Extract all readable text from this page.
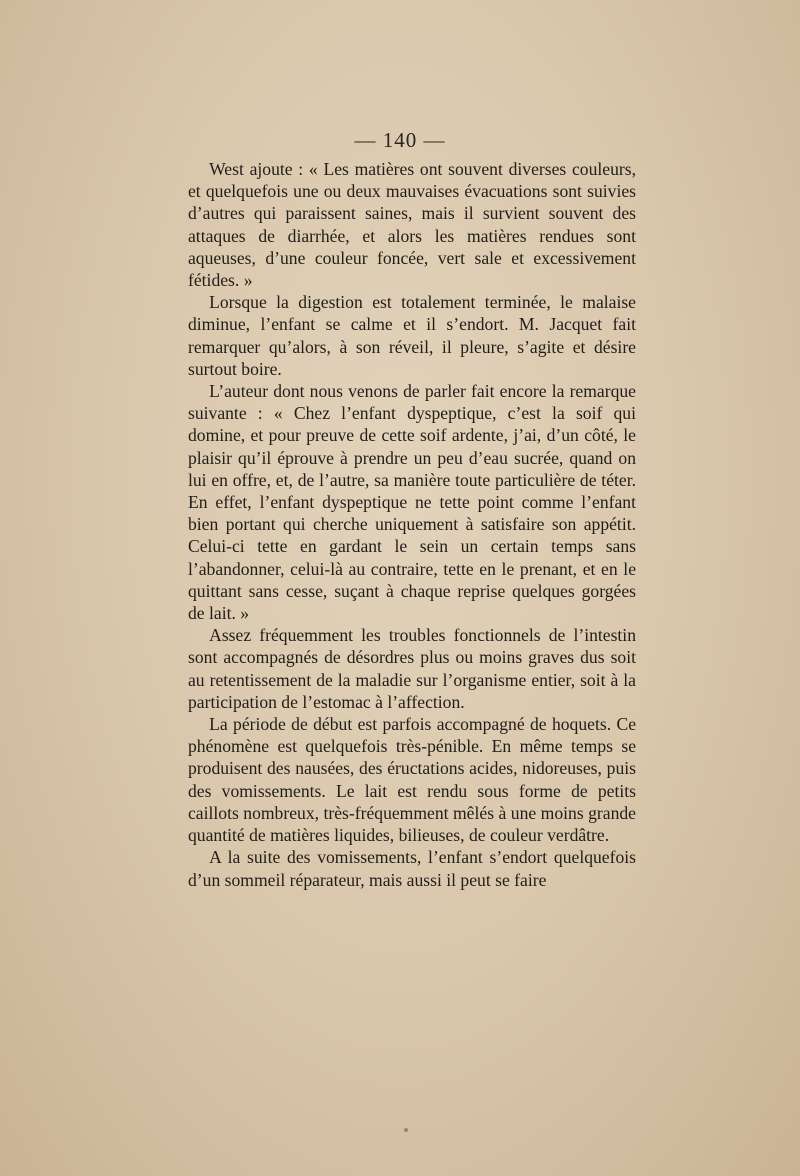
— 140 —

West ajoute : « Les matières ont souvent diverses couleurs, et quelquefois une ou deux mauvaises évacuations sont suivies d’autres qui paraissent saines, mais il survient souvent des attaques de diarrhée, et alors les matières rendues sont aqueuses, d’une couleur foncée, vert sale et excessivement fétides. »

Lorsque la digestion est totalement terminée, le malaise diminue, l’enfant se calme et il s’endort. M. Jacquet fait remarquer qu’alors, à son réveil, il pleure, s’agite et désire surtout boire.

L’auteur dont nous venons de parler fait encore la remarque suivante : « Chez l’enfant dyspeptique, c’est la soif qui domine, et pour preuve de cette soif ardente, j’ai, d’un côté, le plaisir qu’il éprouve à prendre un peu d’eau sucrée, quand on lui en offre, et, de l’autre, sa manière toute particulière de téter. En effet, l’enfant dyspeptique ne tette point comme l’enfant bien portant qui cherche uniquement à satisfaire son appétit. Celui-ci tette en gardant le sein un certain temps sans l’abandonner, celui-là au contraire, tette en le prenant, et en le quittant sans cesse, suçant à chaque reprise quelques gorgées de lait. »

Assez fréquemment les troubles fonctionnels de l’intestin sont accompagnés de désordres plus ou moins graves dus soit au retentissement de la maladie sur l’organisme entier, soit à la participation de l’estomac à l’affection.

La période de début est parfois accompagné de hoquets. Ce phénomène est quelquefois très-pénible. En même temps se produisent des nausées, des éructations acides, nidoreuses, puis des vomissements. Le lait est rendu sous forme de petits caillots nombreux, très-fréquemment mêlés à une moins grande quantité de matières liquides, bilieuses, de couleur verdâtre.

A la suite des vomissements, l’enfant s’endort quelquefois d’un sommeil réparateur, mais aussi il peut se faire
